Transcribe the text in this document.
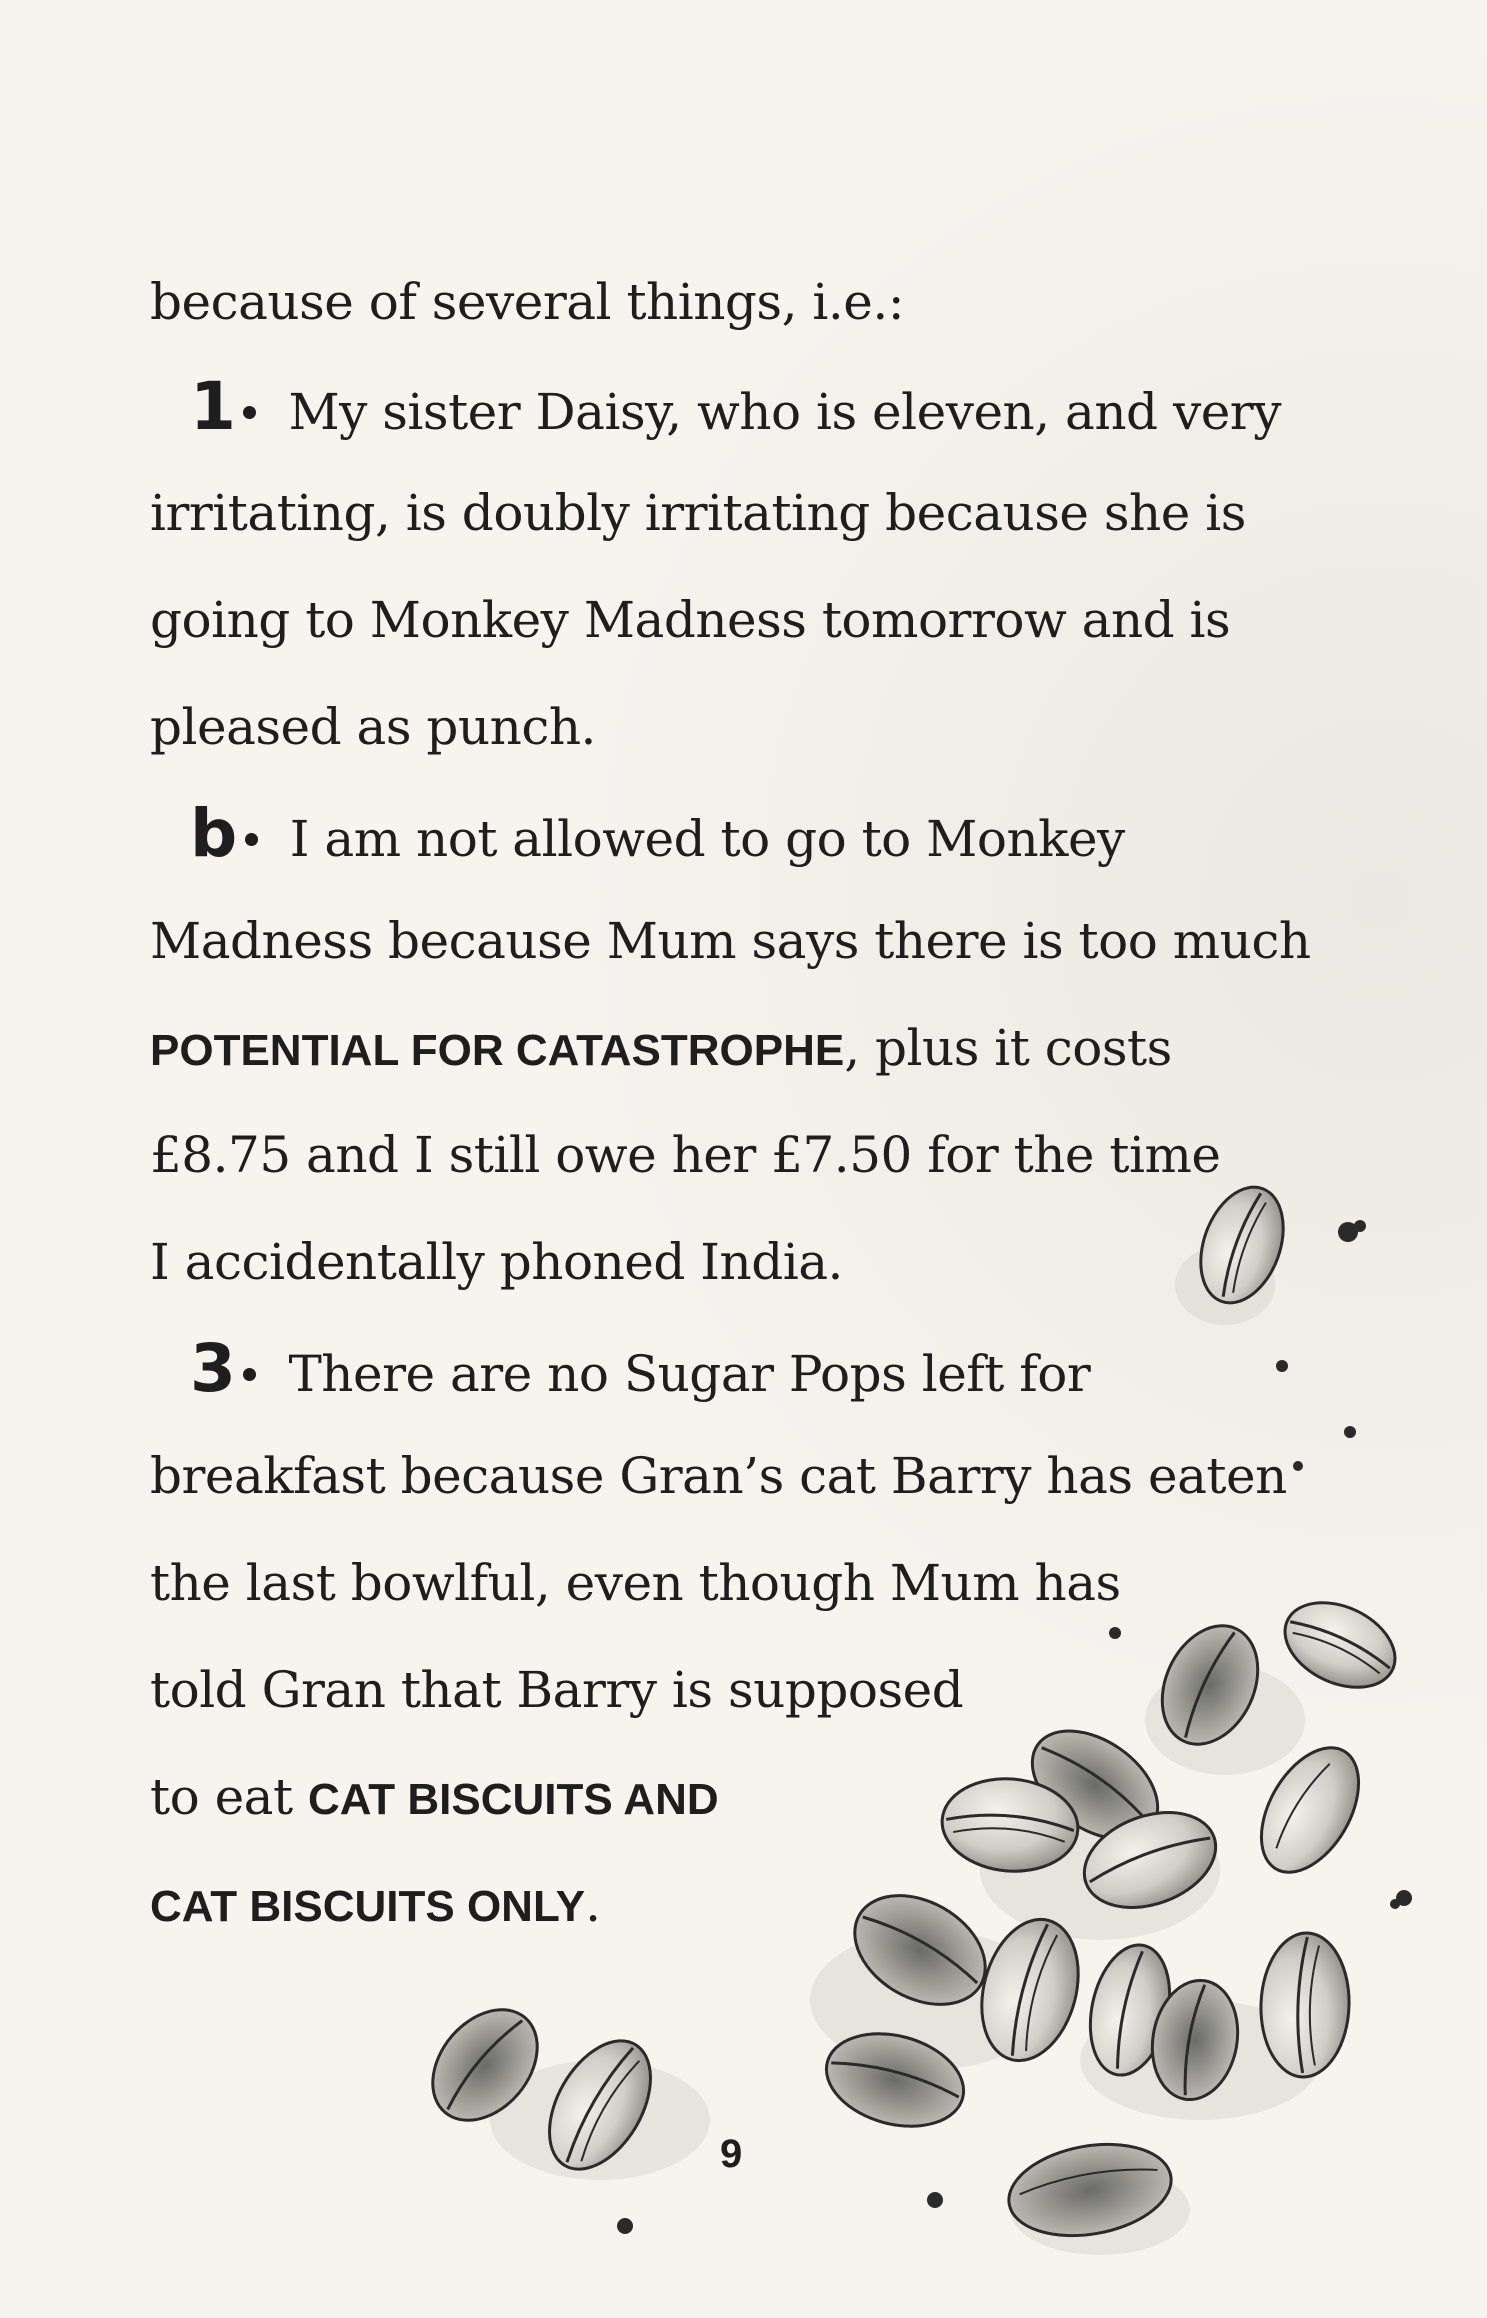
because of several things, i.e.:
1 My sister Daisy, who is eleven, and very
irritating, is doubly irritating because she is
going to Monkey Madness tomorrow and is
pleased as punch.
b I am not allowed to go to Monkey
Madness because Mum says there is too much
POTENTIAL FOR CATASTROPHE, plus it costs
£8.75 and I still owe her £7.50 for the time
I accidentally phoned India.
3 There are no Sugar Pops left for
breakfast because Gran’s cat Barry has eaten
the last bowlful, even though Mum has
told Gran that Barry is supposed
to eat CAT BISCUITS AND
CAT BISCUITS ONLY.
9
